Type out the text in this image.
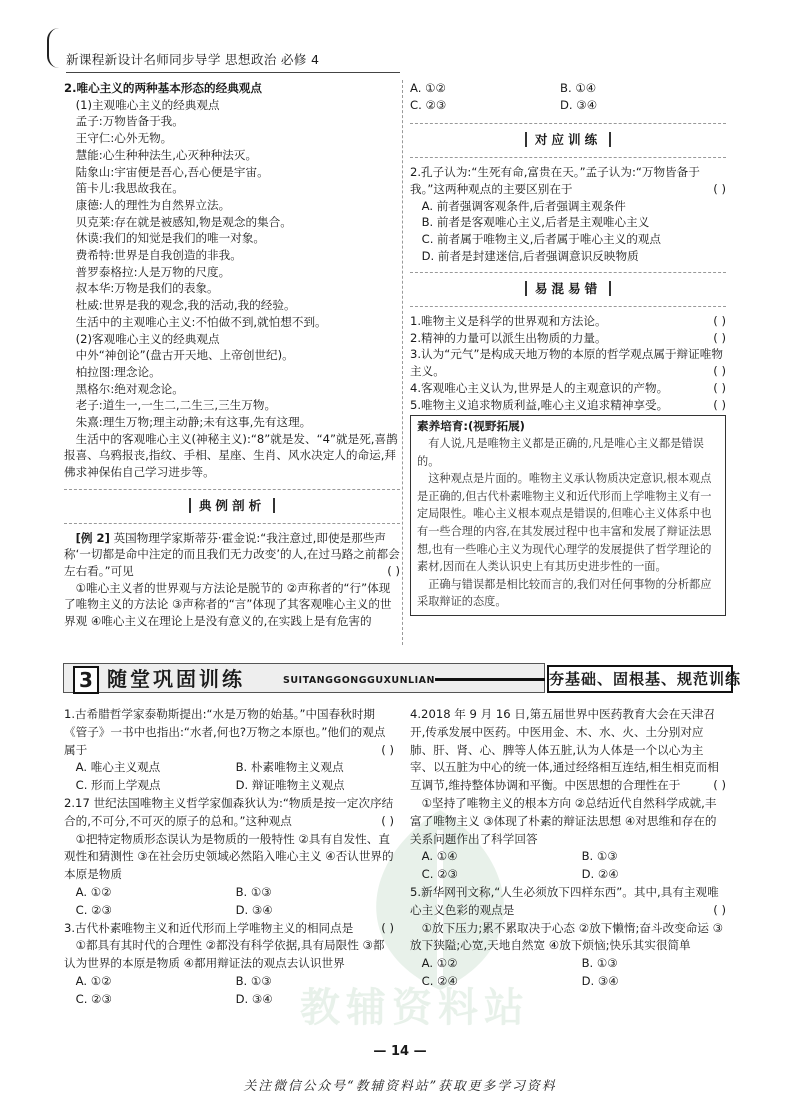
新课程新设计名师同步导学 思想政治 必修 4
2.唯心主义的两种基本形态的经典观点
(1)主观唯心主义的经典观点
孟子:万物皆备于我。
王守仁:心外无物。
慧能:心生种种法生,心灭种种法灭。
陆象山:宇宙便是吾心,吾心便是宇宙。
笛卡儿:我思故我在。
康德:人的理性为自然界立法。
贝克莱:存在就是被感知,物是观念的集合。
休谟:我们的知觉是我们的唯一对象。
费希特:世界是自我创造的非我。
普罗泰格拉:人是万物的尺度。
叔本华:万物是我们的表象。
杜威:世界是我的观念,我的活动,我的经验。
生活中的主观唯心主义:不怕做不到,就怕想不到。
(2)客观唯心主义的经典观点
中外“神创论”(盘古开天地、上帝创世纪)。
柏拉图:理念论。
黑格尔:绝对观念论。
老子:道生一,一生二,二生三,三生万物。
朱熹:理生万物;理主动静;未有这事,先有这理。
生活中的客观唯心主义(神秘主义):“8”就是发、“4”就是死,喜鹊报喜、乌鸦报丧,指纹、手相、星座、生肖、风水决定人的命运,拜佛求神保佑自己学习进步等。
典例剖析
[例 2] 英国物理学家斯蒂芬·霍金说:“我注意过,即使是那些声称‘一切都是命中注定的而且我们无力改变’的人,在过马路之前都会左右看。”可见	( )
①唯心主义者的世界观与方法论是脱节的 ②声称者的“行”体现了唯物主义的方法论 ③声称者的“言”体现了其客观唯心主义的世界观 ④唯心主义在理论上是没有意义的,在实践上是有危害的
A. ①②	B. ①④
C. ②③	D. ③④
对应训练
2.孔子认为:“生死有命,富贵在天。”孟子认为:“万物皆备于我。”这两种观点的主要区别在于	( )
A. 前者强调客观条件,后者强调主观条件
B. 前者是客观唯心主义,后者是主观唯心主义
C. 前者属于唯物主义,后者属于唯心主义的观点
D. 前者是封建迷信,后者强调意识反映物质
易混易错
1.唯物主义是科学的世界观和方法论。	( )
2.精神的力量可以派生出物质的力量。	( )
3.认为“元气”是构成天地万物的本原的哲学观点属于辩证唯物主义。	( )
4.客观唯心主义认为,世界是人的主观意识的产物。	( )
5.唯物主义追求物质利益,唯心主义追求精神享受。	( )
素养培育:(视野拓展)
有人说,凡是唯物主义都是正确的,凡是唯心主义都是错误的。
这种观点是片面的。唯物主义承认物质决定意识,根本观点是正确的,但古代朴素唯物主义和近代形而上学唯物主义有一定局限性。唯心主义根本观点是错误的,但唯心主义体系中也有一些合理的内容,在其发展过程中也丰富和发展了辩证法思想,也有一些唯心主义为现代心理学的发展提供了哲学理论的素材,因而在人类认识史上有其历史进步性的一面。
正确与错误都是相比较而言的,我们对任何事物的分析都应采取辩证的态度。
3 随堂巩固训练	SUITANGGONGGUXUNLIAN	夯基础、固根基、规范训练
教辅资料站
1.古希腊哲学家泰勒斯提出:“水是万物的始基。”中国春秋时期《管子》一书中也指出:“水者,何也?万物之本原也。”他们的观点属于	( )
A. 唯心主义观点	B. 朴素唯物主义观点
C. 形而上学观点	D. 辩证唯物主义观点
2.17 世纪法国唯物主义哲学家伽森狄认为:“物质是按一定次序结合的,不可分,不可灭的原子的总和。”这种观点	( )
①把特定物质形态误认为是物质的一般特性 ②具有自发性、直观性和猜测性 ③在社会历史领域必然陷入唯心主义 ④否认世界的本原是物质
A. ①②	B. ①③
C. ②③	D. ③④
3.古代朴素唯物主义和近代形而上学唯物主义的相同点是 ( )
①都具有其时代的合理性 ②都没有科学依据,具有局限性 ③都认为世界的本原是物质 ④都用辩证法的观点去认识世界
A. ①②	B. ①③
C. ②③	D. ③④
4.2018 年 9 月 16 日,第五届世界中医药教育大会在天津召开,传承发展中医药。中医用金、木、水、火、土分别对应肺、肝、肾、心、脾等人体五脏,认为人体是一个以心为主宰、以五脏为中心的统一体,通过经络相互连结,相生相克而相互调节,维持整体协调和平衡。中医思想的合理性在于	( )
①坚持了唯物主义的根本方向 ②总结近代自然科学成就,丰富了唯物主义 ③体现了朴素的辩证法思想 ④对思维和存在的关系问题作出了科学回答
A. ①④	B. ①③
C. ②③	D. ②④
5.新华网刊文称,“人生必须放下四样东西”。其中,具有主观唯心主义色彩的观点是	( )
①放下压力;累不累取决于心态 ②放下懒惰;奋斗改变命运 ③放下狭隘;心宽,天地自然宽 ④放下烦恼;快乐其实很简单
A. ①②	B. ①③
C. ②④	D. ③④
— 14 —
关注微信公众号“教辅资料站”获取更多学习资料
